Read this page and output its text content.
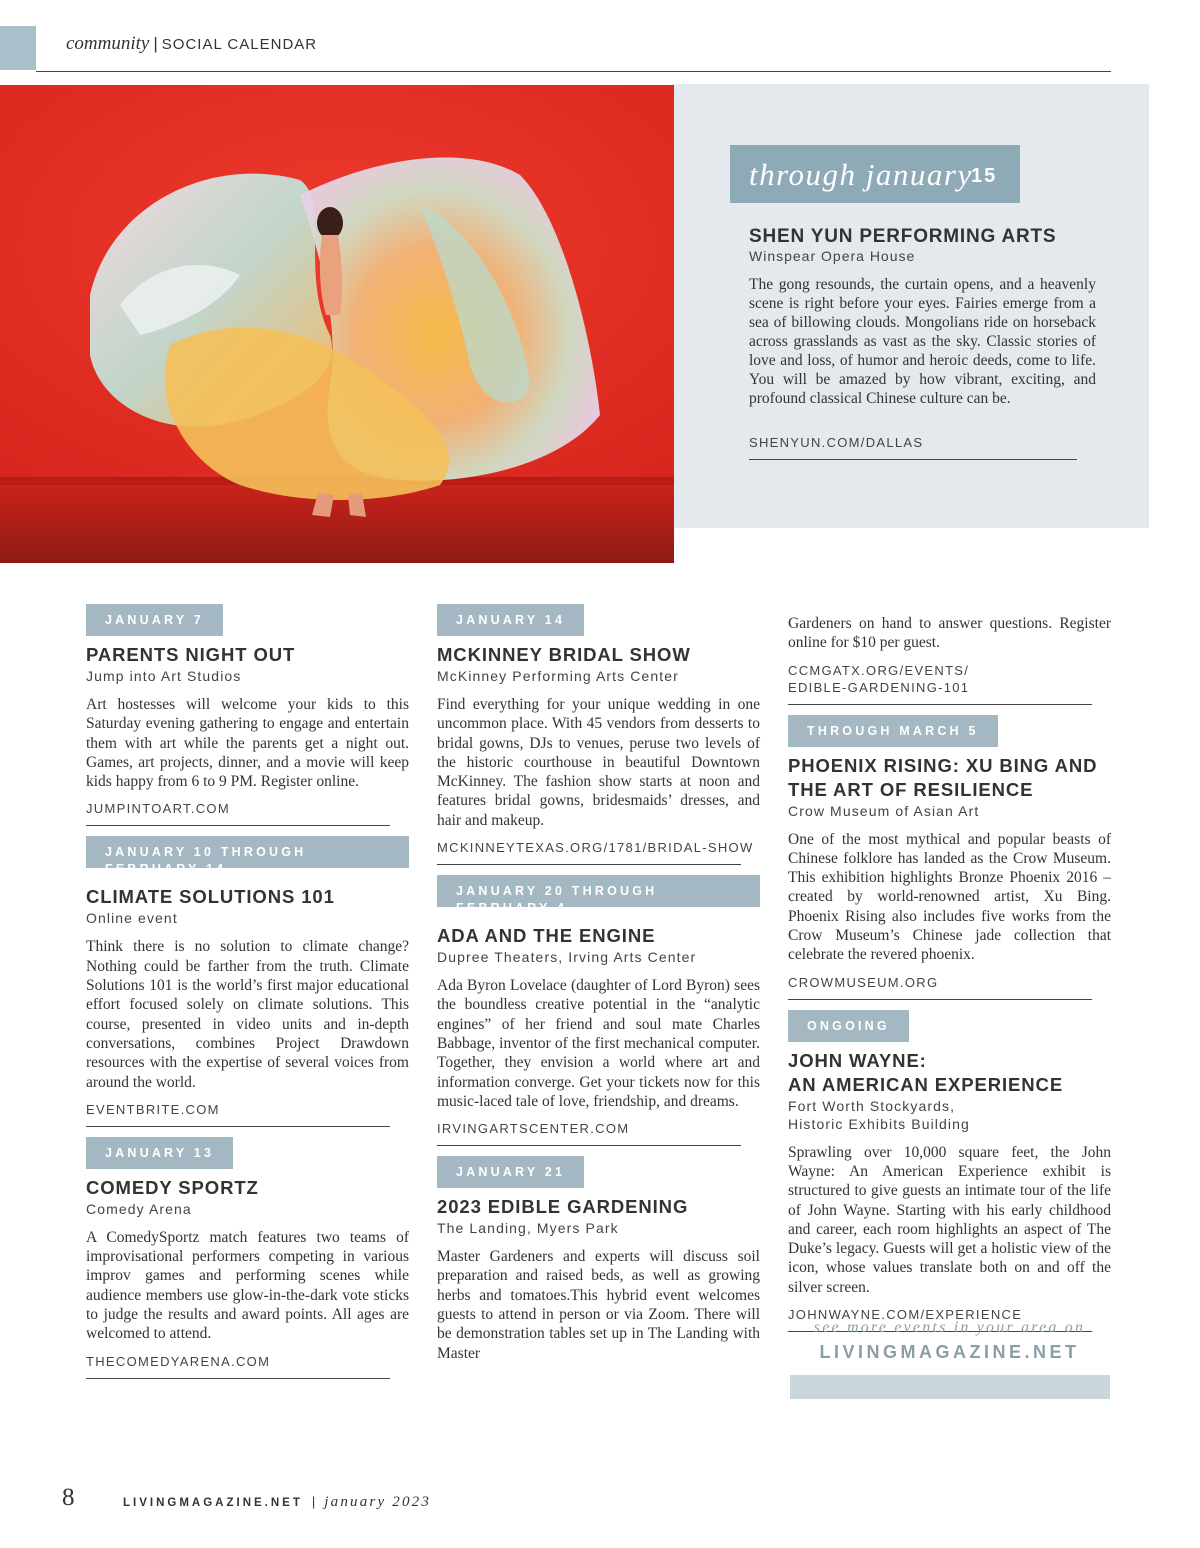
community | SOCIAL CALENDAR
through january
15
SHEN YUN PERFORMING ARTS
Winspear Opera House
The gong resounds, the curtain opens, and a heavenly scene is right before your eyes. Fairies emerge from a sea of billowing clouds. Mongolians ride on horseback across grasslands as vast as the sky. Classic stories of love and loss, of humor and heroic deeds, come to life. You will be amazed by how vibrant, exciting, and profound classical Chinese culture can be.
SHENYUN.COM/DALLAS
JANUARY 7
PARENTS NIGHT OUT
Jump into Art Studios
Art hostesses will welcome your kids to this Saturday evening gathering to engage and entertain them with art while the parents get a night out. Games, art projects, dinner, and a movie will keep kids happy from 6 to 9 PM. Register online.
JUMPINTOART.COM
JANUARY 10 THROUGH FEBRUARY 14
CLIMATE SOLUTIONS 101
Online event
Think there is no solution to climate change? Nothing could be farther from the truth. Climate Solutions 101 is the world’s first major educational effort focused solely on climate solutions. This course, presented in video units and in-depth conversations, combines Project Drawdown resources with the expertise of several voices from around the world.
EVENTBRITE.COM
JANUARY 13
COMEDY SPORTZ
Comedy Arena
A ComedySportz match features two teams of improvisational performers competing in various improv games and performing scenes while audience members use glow-in-the-dark vote sticks to judge the results and award points. All ages are welcomed to attend.
THECOMEDYARENA.COM
JANUARY 14
MCKINNEY BRIDAL SHOW
McKinney Performing Arts Center
Find everything for your unique wedding in one uncommon place. With 45 vendors from desserts to bridal gowns, DJs to venues, peruse two levels of the historic courthouse in beautiful Downtown McKinney. The fashion show starts at noon and features bridal gowns, bridesmaids’ dresses, and hair and makeup.
MCKINNEYTEXAS.ORG/1781/BRIDAL-SHOW
JANUARY 20 THROUGH FEBRUARY 4
ADA AND THE ENGINE
Dupree Theaters, Irving Arts Center
Ada Byron Lovelace (daughter of Lord Byron) sees the boundless creative potential in the “analytic engines” of her friend and soul mate Charles Babbage, inventor of the first mechanical computer. Together, they envision a world where art and information converge. Get your tickets now for this music-laced tale of love, friendship, and dreams.
IRVINGARTSCENTER.COM
JANUARY 21
2023 EDIBLE GARDENING
The Landing, Myers Park
Master Gardeners and experts will discuss soil preparation and raised beds, as well as growing herbs and tomatoes.This hybrid event welcomes guests to attend in person or via Zoom. There will be demonstration tables set up in The Landing with Master
Gardeners on hand to answer questions. Register online for $10 per guest.
CCMGATX.ORG/EVENTS/
EDIBLE-GARDENING-101
THROUGH MARCH 5
PHOENIX RISING: XU BING AND
THE ART OF RESILIENCE
Crow Museum of Asian Art
One of the most mythical and popular beasts of Chinese folklore has landed as the Crow Museum. This exhibition highlights Bronze Phoenix 2016 – created by world-renowned artist, Xu Bing. Phoenix Rising also includes five works from the Crow Museum’s Chinese jade collection that celebrate the revered phoenix.
CROWMUSEUM.ORG
ONGOING
JOHN WAYNE:
AN AMERICAN EXPERIENCE
Fort Worth Stockyards,
Historic Exhibits Building
Sprawling over 10,000 square feet, the John Wayne: An American Experience exhibit is structured to give guests an intimate tour of the life of John Wayne. Starting with his early childhood and career, each room highlights an aspect of The Duke’s legacy. Guests will get a holistic view of the icon, whose values translate both on and off the silver screen.
JOHNWAYNE.COM/EXPERIENCE
see more events in your area on
LIVINGMAGAZINE.NET
8	LIVINGMAGAZINE.NET | january 2023
